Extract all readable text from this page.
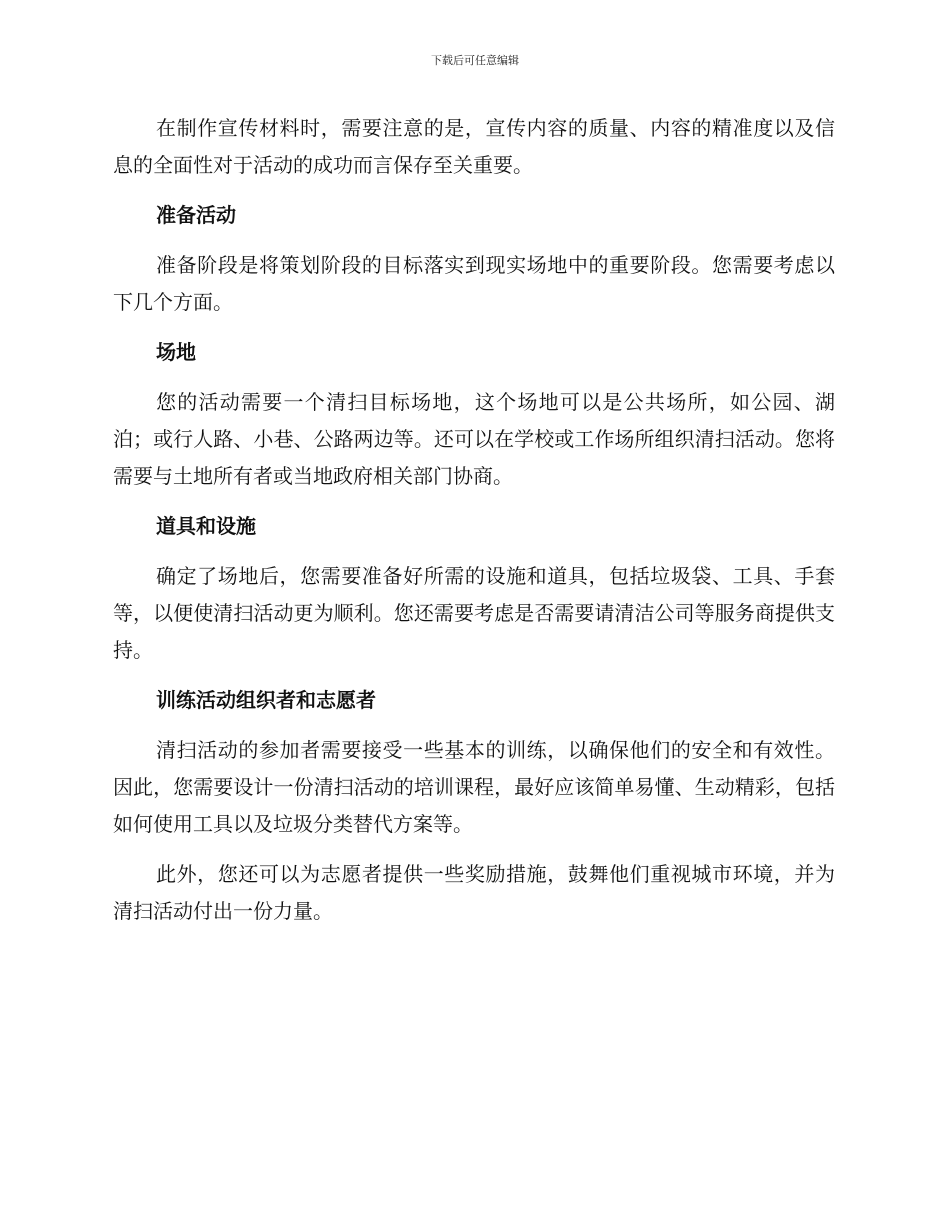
下载后可任意编辑

在制作宣传材料时，需要注意的是，宣传内容的质量、内容的精准度以及信息的全面性对于活动的成功而言保存至关重要。

准备活动

准备阶段是将策划阶段的目标落实到现实场地中的重要阶段。您需要考虑以下几个方面。

场地

您的活动需要一个清扫目标场地，这个场地可以是公共场所，如公园、湖泊；或行人路、小巷、公路两边等。还可以在学校或工作场所组织清扫活动。您将需要与土地所有者或当地政府相关部门协商。

道具和设施

确定了场地后，您需要准备好所需的设施和道具，包括垃圾袋、工具、手套等，以便使清扫活动更为顺利。您还需要考虑是否需要请清洁公司等服务商提供支持。

训练活动组织者和志愿者

清扫活动的参加者需要接受一些基本的训练，以确保他们的安全和有效性。因此，您需要设计一份清扫活动的培训课程，最好应该简单易懂、生动精彩，包括如何使用工具以及垃圾分类替代方案等。

此外，您还可以为志愿者提供一些奖励措施，鼓舞他们重视城市环境，并为清扫活动付出一份力量。
